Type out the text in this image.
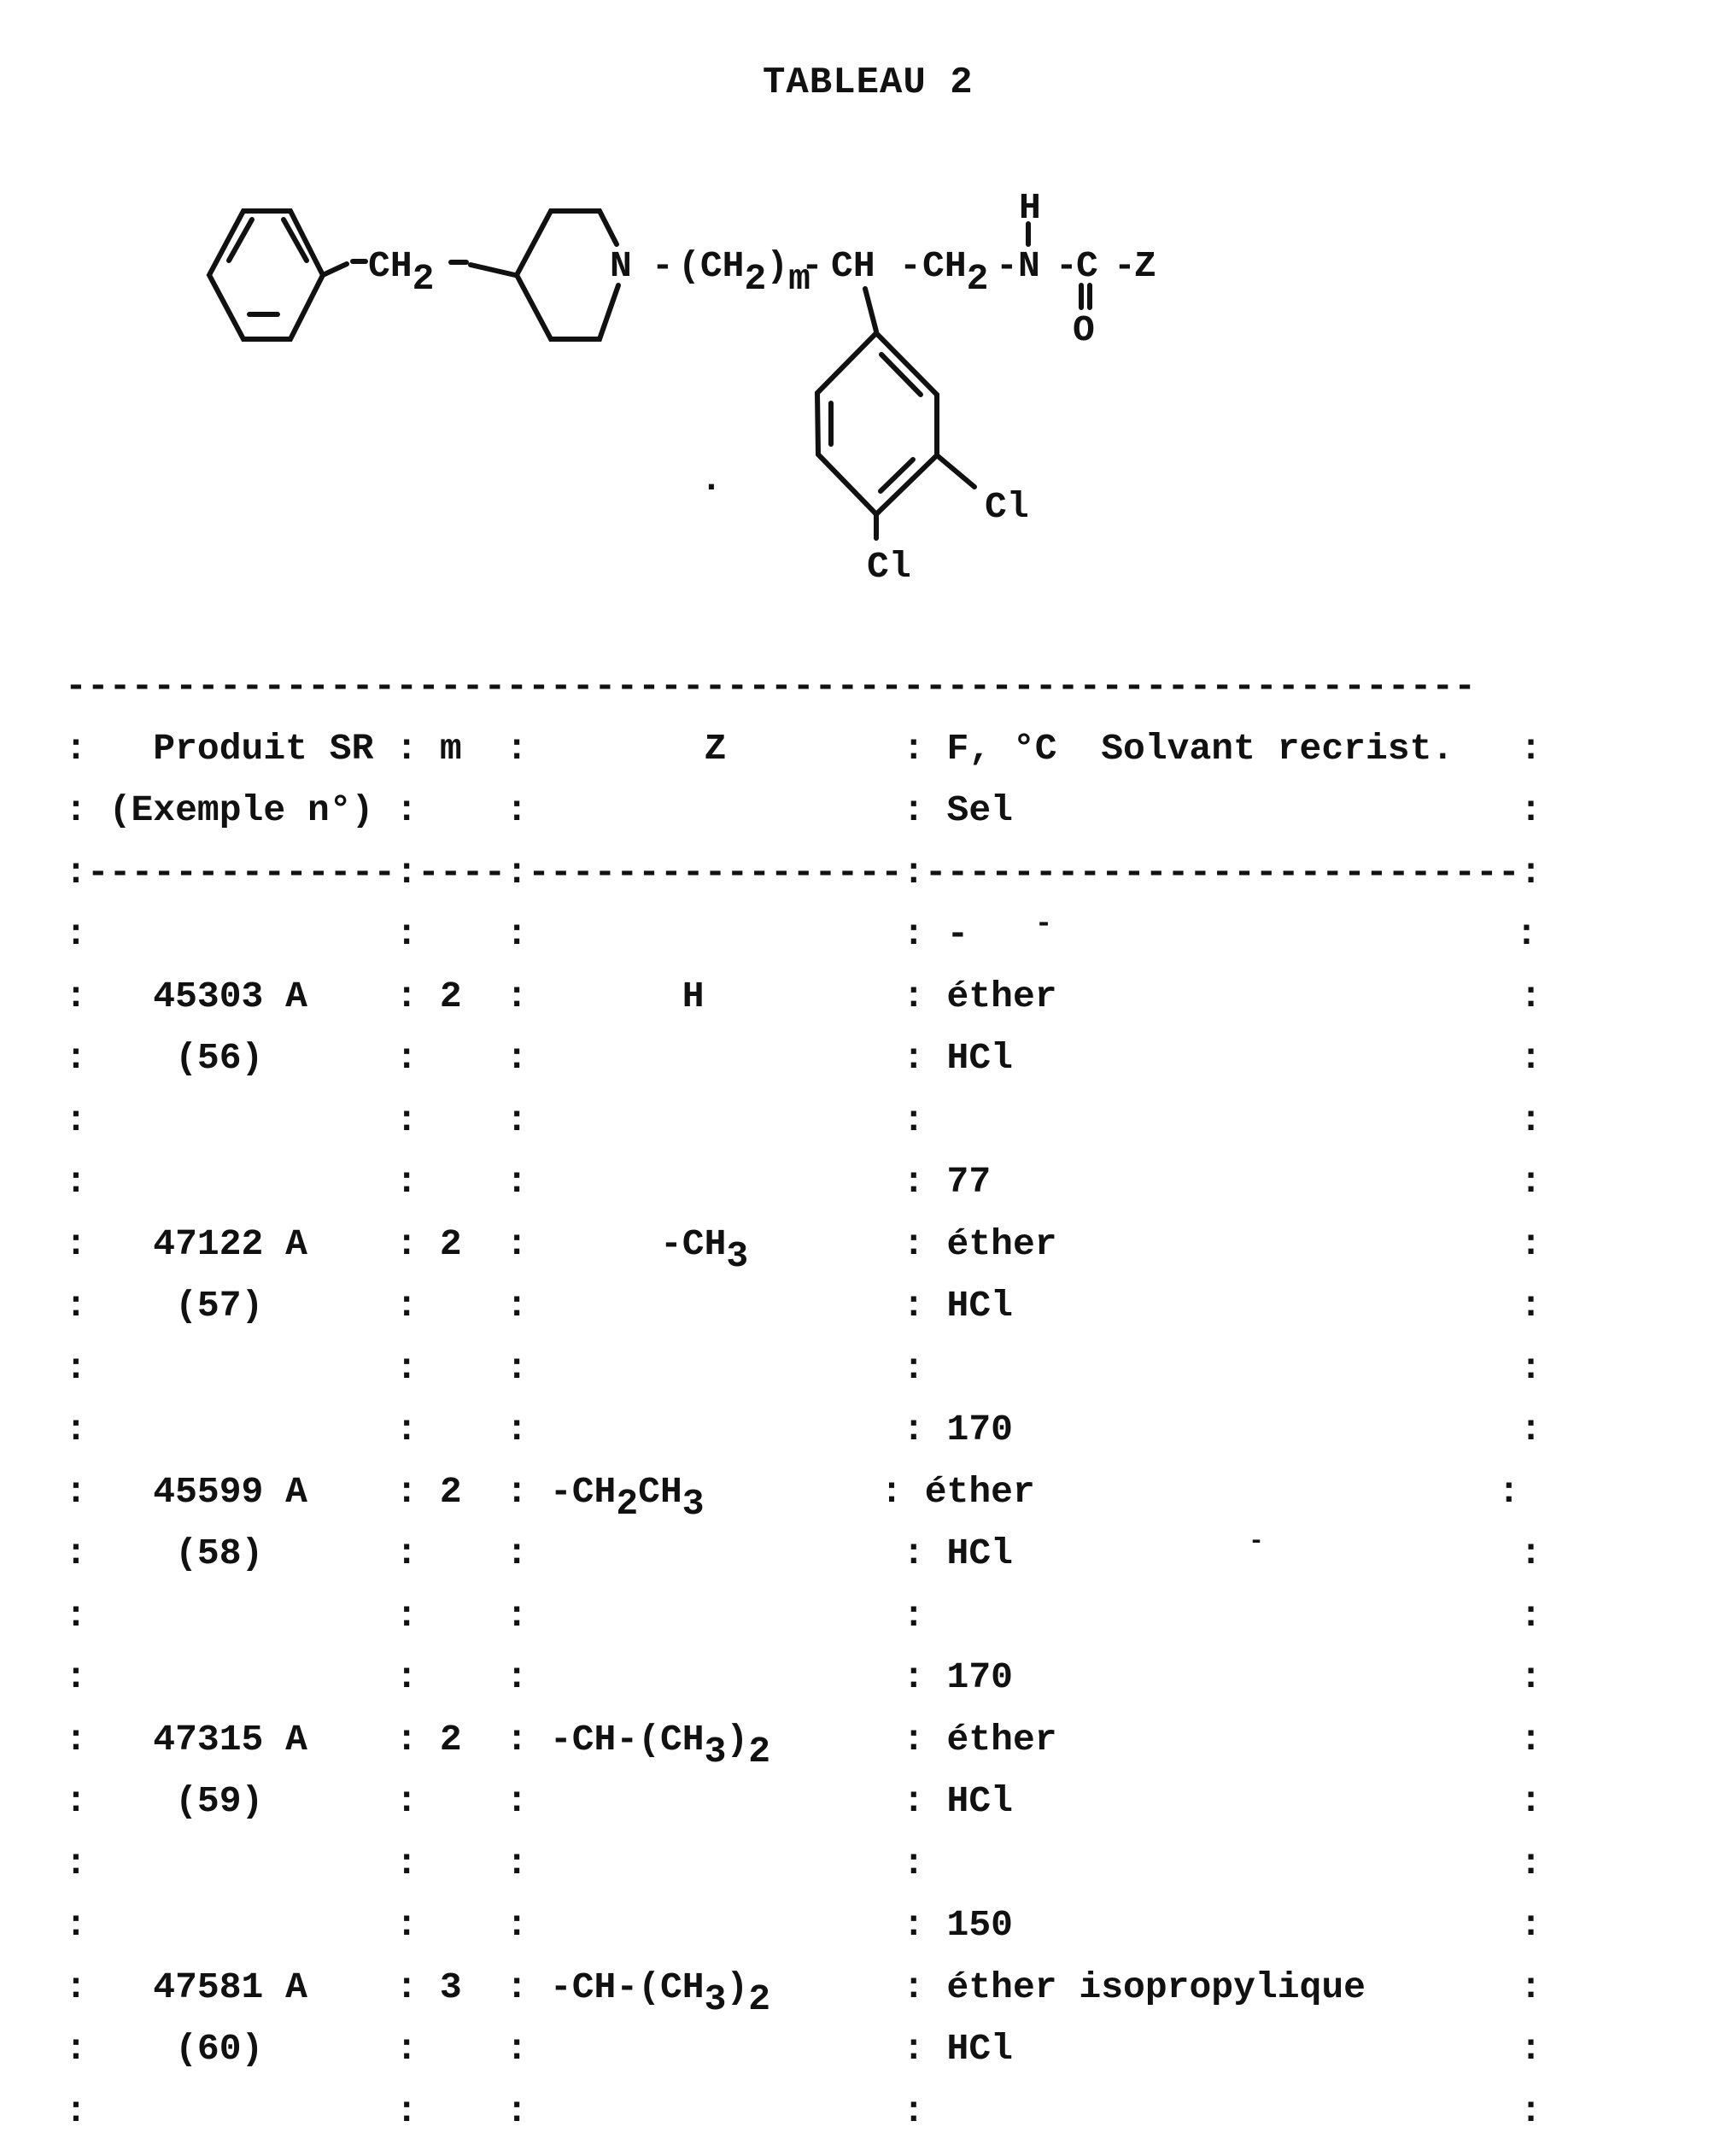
TABLEAU 2
$CH_2$	N - $(CH_2)_m$
- CH - $CH_2$ - N -
C -
Z
H
O
Cl
Cl
.
-
----------------------------------------------------------------
: Produit SR : m :	Z	: F, °C Solvant recrist. :
: (Exemple n°) : :	: Sel	:
:--------------:----:-----------------:---------------------------:
:	: :	: - -	:
: 45303 A : 2 :	H	: éther	:
: (56)	: :	: HCl	:
:	: :	:	:
:	: :	: 77	:
: 47122 A : 2 :	$-CH_3$	: éther	:
: (57)	: :	: HCl	:
:	: :	:	:
:	: :	: 170	:
: 45599 A : 2 : $-CH_2CH_3$	: éther	:
: (58)	: :	: HCl	:
:	: :	:	:
:	: :	: 170	:
: 47315 A : 2 : $-CH-(CH_3)_2$	: éther	:
: (59)	: :	: HCl	:
:	: :	:	:
:	: :	: 150	:
: 47581 A : 3 : $-CH-(CH_3)_2$	: éther isopropylique	:
: (60)	: :	: HCl	:
:	: :	:	:
